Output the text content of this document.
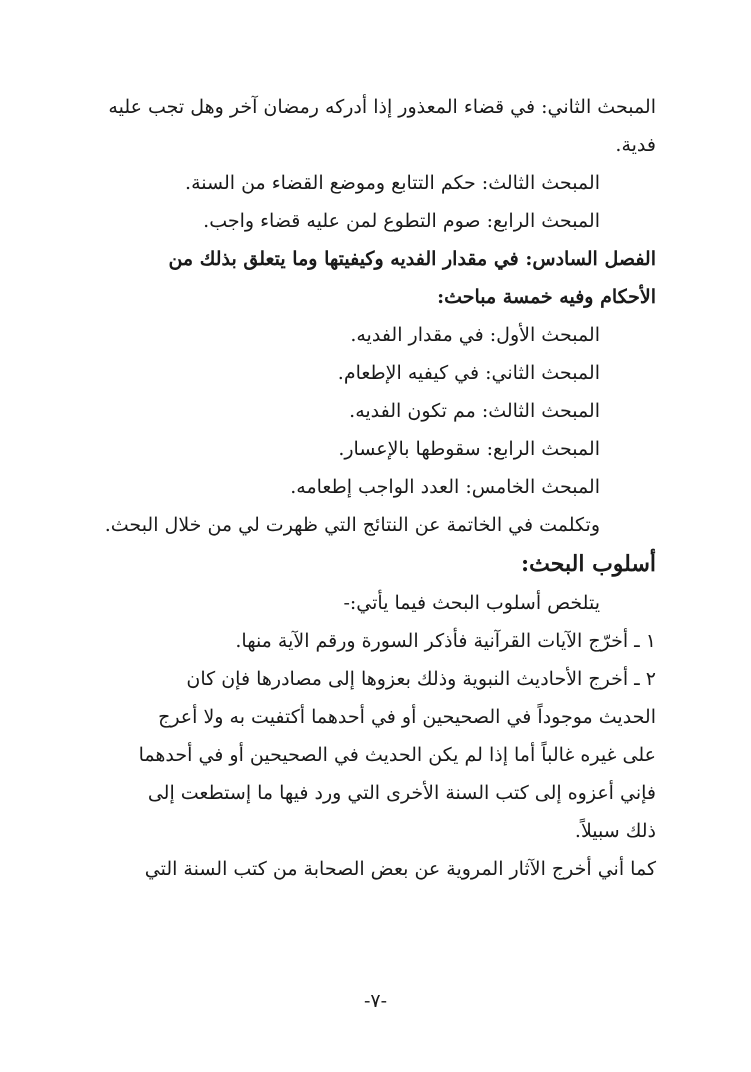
المبحث الثاني: في قضاء المعذور إذا أدركه رمضان آخر وهل تجب عليه
فدية.
المبحث الثالث: حكم التتابع وموضع القضاء من السنة.
المبحث الرابع: صوم التطوع لمن عليه قضاء واجب.
الفصل السادس: في مقدار الفديه وكيفيتها وما يتعلق بذلك من
الأحكام وفيه خمسة مباحث:
المبحث الأول: في مقدار الفديه.
المبحث الثاني: في كيفيه الإطعام.
المبحث الثالث: مم تكون الفديه.
المبحث الرابع: سقوطها بالإعسار.
المبحث الخامس: العدد الواجب إطعامه.
وتكلمت في الخاتمة عن النتائج التي ظهرت لي من خلال البحث.
أسلوب البحث:
يتلخص أسلوب البحث فيما يأتي:-
١ ـ أخرّج الآيات القرآنية فأذكر السورة ورقم الآية منها.
٢ ـ أخرج الأحاديث النبوية وذلك بعزوها إلى مصادرها فإن كان
الحديث موجوداً في الصحيحين أو في أحدهما أكتفيت به ولا أعرج
على غيره غالباً أما إذا لم يكن الحديث في الصحيحين أو في أحدهما
فإني أعزوه إلى كتب السنة الأخرى التي ورد فيها ما إستطعت إلى
ذلك سبيلاً.
كما أني أخرج الآثار المروية عن بعض الصحابة من كتب السنة التي
-٧-
